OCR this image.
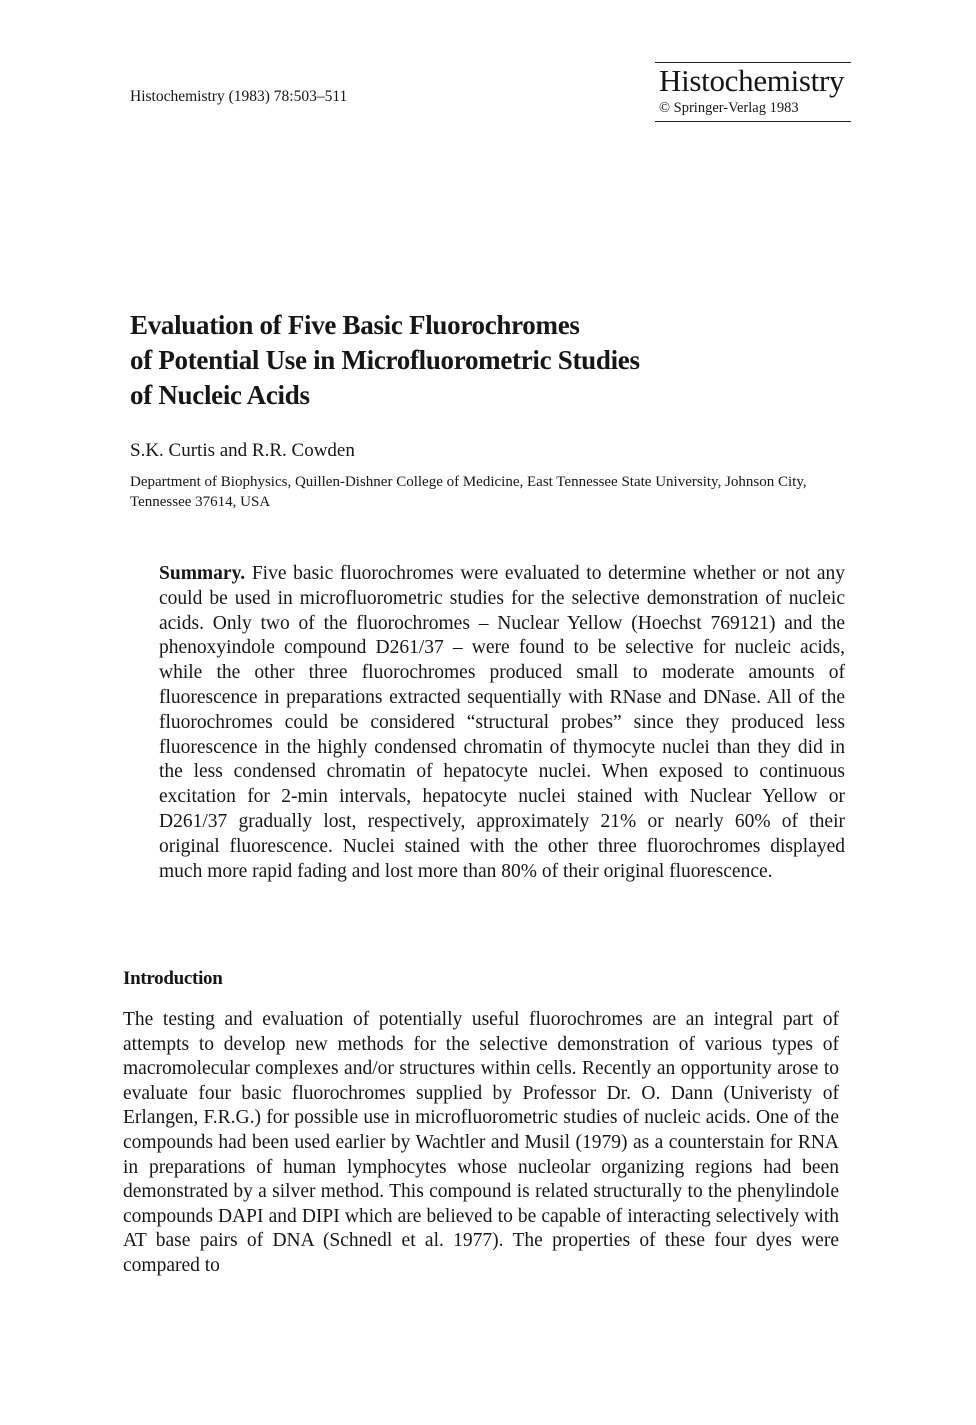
Histochemistry (1983) 78:503–511	Histochemistry
© Springer-Verlag 1983
Evaluation of Five Basic Fluorochromes
of Potential Use in Microfluorometric Studies
of Nucleic Acids
S.K. Curtis and R.R. Cowden
Department of Biophysics, Quillen-Dishner College of Medicine, East Tennessee State University, Johnson City, Tennessee 37614, USA
Summary. Five basic fluorochromes were evaluated to determine whether or not any could be used in microfluorometric studies for the selective demonstration of nucleic acids. Only two of the fluorochromes – Nuclear Yellow (Hoechst 769121) and the phenoxyindole compound D261/37 – were found to be selective for nucleic acids, while the other three fluorochromes produced small to moderate amounts of fluorescence in preparations extracted sequentially with RNase and DNase. All of the fluorochromes could be considered “structural probes” since they produced less fluorescence in the highly condensed chromatin of thymocyte nuclei than they did in the less condensed chromatin of hepatocyte nuclei. When exposed to continuous excitation for 2-min intervals, hepatocyte nuclei stained with Nuclear Yellow or D261/37 gradually lost, respectively, approximately 21% or nearly 60% of their original fluorescence. Nuclei stained with the other three fluorochromes displayed much more rapid fading and lost more than 80% of their original fluorescence.
Introduction
The testing and evaluation of potentially useful fluorochromes are an integral part of attempts to develop new methods for the selective demonstration of various types of macromolecular complexes and/or structures within cells. Recently an opportunity arose to evaluate four basic fluorochromes supplied by Professor Dr. O. Dann (Univeristy of Erlangen, F.R.G.) for possible use in microfluorometric studies of nucleic acids. One of the compounds had been used earlier by Wachtler and Musil (1979) as a counterstain for RNA in preparations of human lymphocytes whose nucleolar organizing regions had been demonstrated by a silver method. This compound is related structurally to the phenylindole compounds DAPI and DIPI which are believed to be capable of interacting selectively with AT base pairs of DNA (Schnedl et al. 1977). The properties of these four dyes were compared to
